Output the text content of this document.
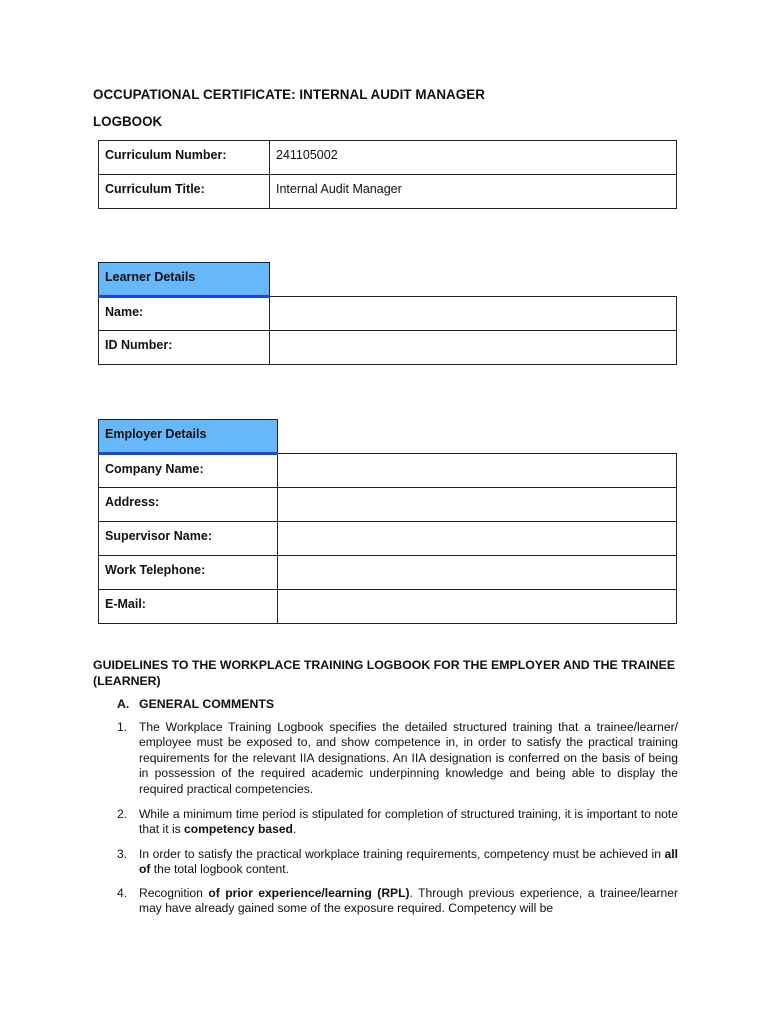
OCCUPATIONAL CERTIFICATE: INTERNAL AUDIT MANAGER
LOGBOOK
Curriculum Number:	241105002
Curriculum Title:	Internal Audit Manager
Learner Details	
Name:	
ID Number:	
Employer Details	
Company Name:	
Address:	
Supervisor Name:	
Work Telephone:	
E-Mail:	
GUIDELINES TO THE WORKPLACE TRAINING LOGBOOK FOR THE EMPLOYER AND THE TRAINEE (LEARNER)
A. GENERAL COMMENTS
1. The Workplace Training Logbook specifies the detailed structured training that a trainee/learner/ employee must be exposed to, and show competence in, in order to satisfy the practical training requirements for the relevant IIA designations. An IIA designation is conferred on the basis of being in possession of the required academic underpinning knowledge and being able to display the required practical competencies.
2. While a minimum time period is stipulated for completion of structured training, it is important to note that it is competency based.
3. In order to satisfy the practical workplace training requirements, competency must be achieved in all of the total logbook content.
4. Recognition of prior experience/learning (RPL). Through previous experience, a trainee/learner may have already gained some of the exposure required. Competency will be
